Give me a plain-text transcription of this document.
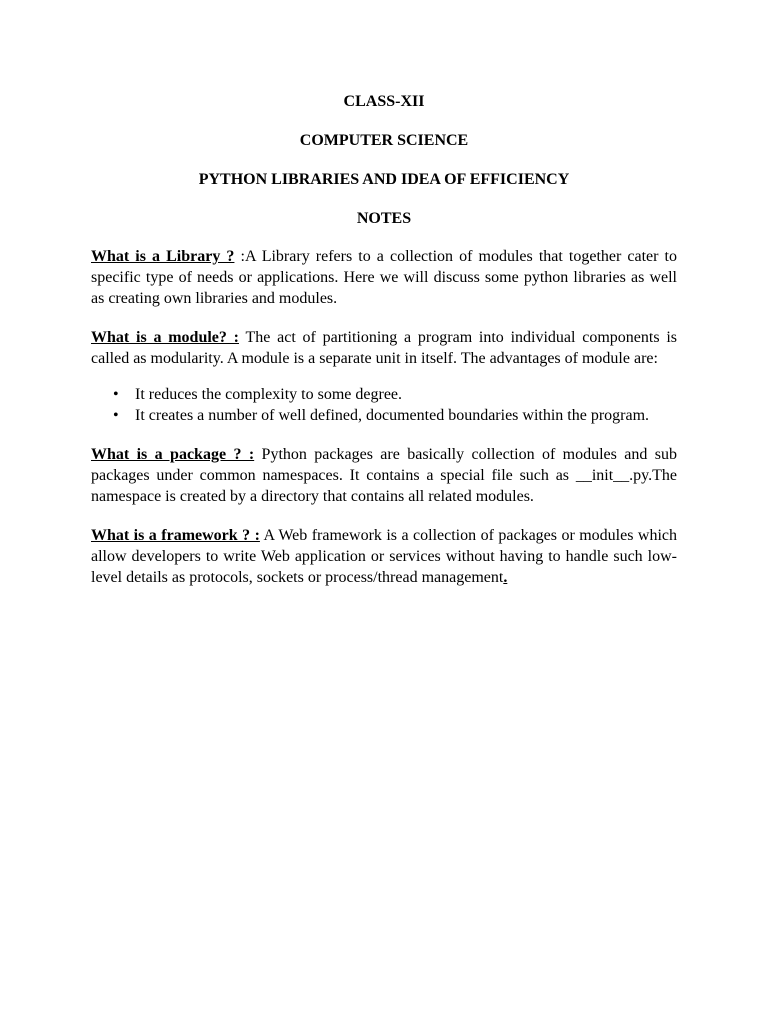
CLASS-XII
COMPUTER SCIENCE
PYTHON LIBRARIES AND IDEA OF EFFICIENCY
NOTES

What is a Library ? :A Library refers to a collection of modules that together cater to specific type of needs or applications. Here we will discuss some python libraries as well as creating own libraries and modules.

What is a module? : The act of partitioning a program into individual components is called as modularity. A module is a separate unit in itself. The advantages of module are:

• It reduces the complexity to some degree.
• It creates a number of well defined, documented boundaries within the program.

What is a package ? : Python packages are basically collection of modules and sub packages under common namespaces. It contains a special file such as __init__.py.The namespace is created by a directory that contains all related modules.

What is a framework ? : A Web framework is a collection of packages or modules which allow developers to write Web application or services without having to handle such low-level details as protocols, sockets or process/thread management.
